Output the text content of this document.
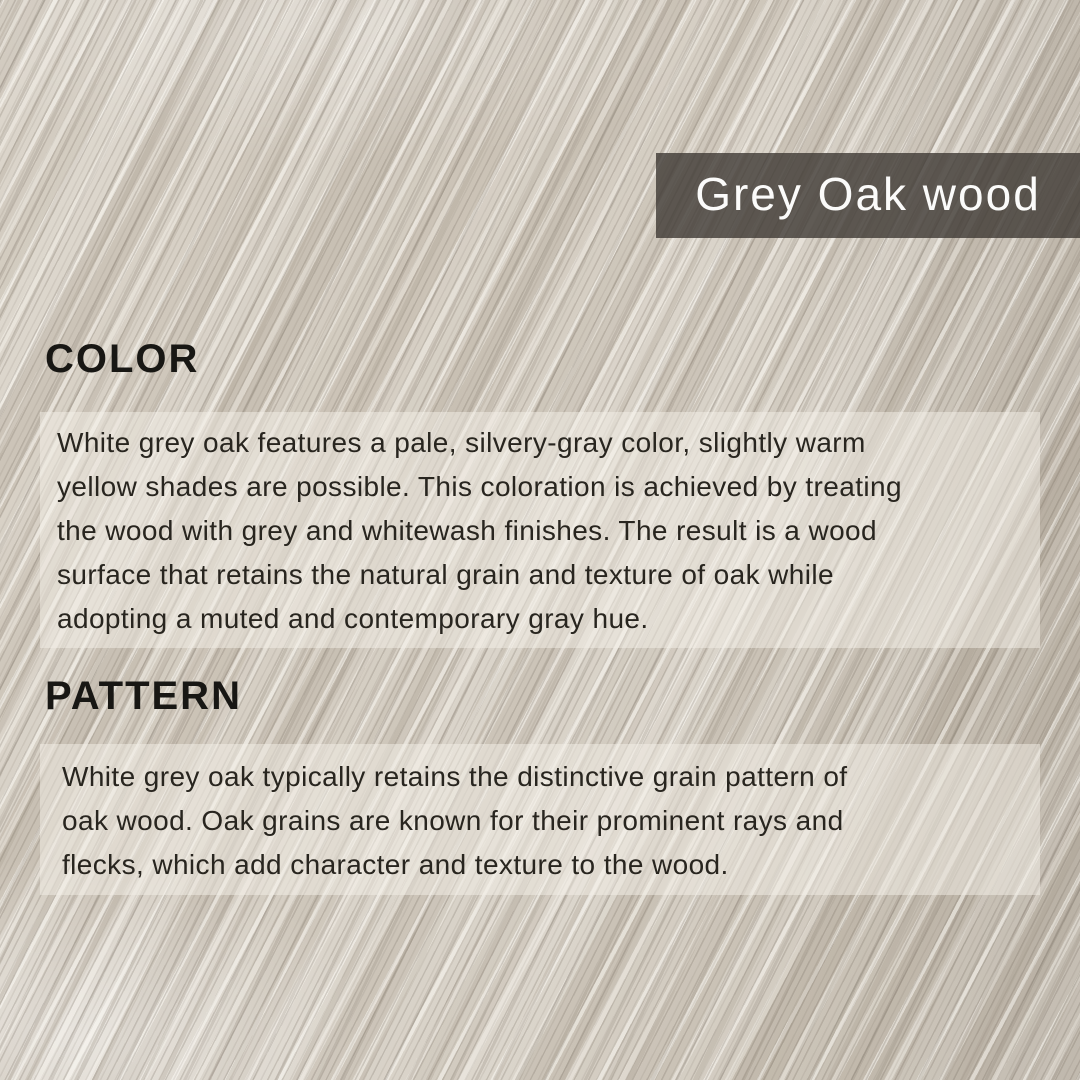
Grey Oak wood
COLOR
White grey oak features a pale, silvery-gray color, slightly warm
yellow shades are possible. This coloration is achieved by treating
the wood with grey and whitewash finishes. The result is a wood
surface that retains the natural grain and texture of oak while
adopting a muted and contemporary gray hue.
PATTERN
White grey oak typically retains the distinctive grain pattern of
oak wood. Oak grains are known for their prominent rays and
flecks, which add character and texture to the wood.
